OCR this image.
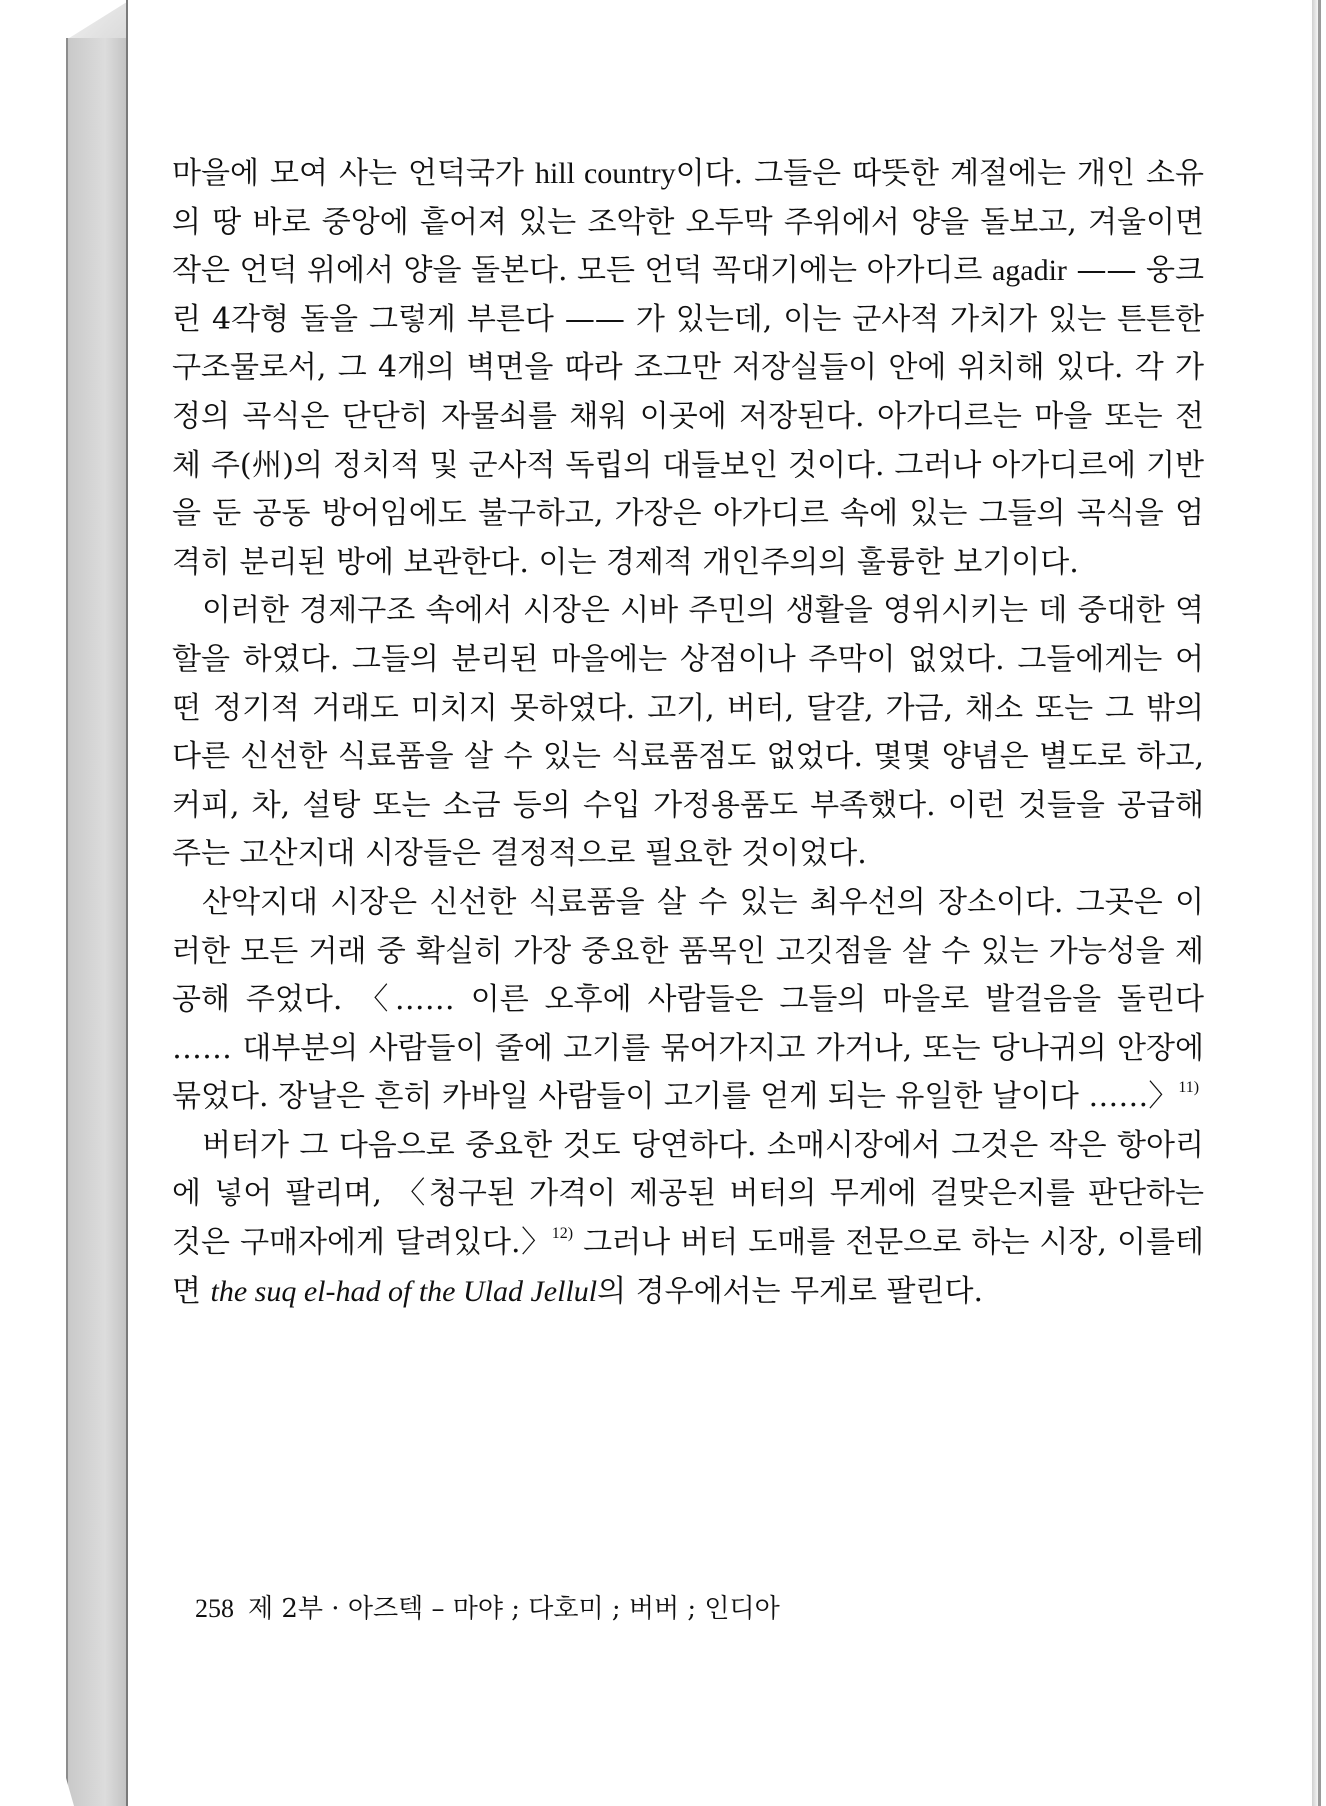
마을에 모여 사는 언덕국가 hill country이다. 그들은 따뜻한 계절에는 개인 소유의 땅 바로 중앙에 흩어져 있는 조악한 오두막 주위에서 양을 돌보고, 겨울이면 작은 언덕 위에서 양을 돌본다. 모든 언덕 꼭대기에는 아가디르 agadir —— 웅크린 4각형 돌을 그렇게 부른다 —— 가 있는데, 이는 군사적 가치가 있는 튼튼한 구조물로서, 그 4개의 벽면을 따라 조그만 저장실들이 안에 위치해 있다. 각 가정의 곡식은 단단히 자물쇠를 채워 이곳에 저장된다. 아가디르는 마을 또는 전체 주(州)의 정치적 및 군사적 독립의 대들보인 것이다. 그러나 아가디르에 기반을 둔 공동 방어임에도 불구하고, 가장은 아가디르 속에 있는 그들의 곡식을 엄격히 분리된 방에 보관한다. 이는 경제적 개인주의의 훌륭한 보기이다.

이러한 경제구조 속에서 시장은 시바 주민의 생활을 영위시키는 데 중대한 역할을 하였다. 그들의 분리된 마을에는 상점이나 주막이 없었다. 그들에게는 어떤 정기적 거래도 미치지 못하였다. 고기, 버터, 달걀, 가금, 채소 또는 그 밖의 다른 신선한 식료품을 살 수 있는 식료품점도 없었다. 몇몇 양념은 별도로 하고, 커피, 차, 설탕 또는 소금 등의 수입 가정용품도 부족했다. 이런 것들을 공급해 주는 고산지대 시장들은 결정적으로 필요한 것이었다.

산악지대 시장은 신선한 식료품을 살 수 있는 최우선의 장소이다. 그곳은 이러한 모든 거래 중 확실히 가장 중요한 품목인 고깃점을 살 수 있는 가능성을 제공해 주었다. 〈…… 이른 오후에 사람들은 그들의 마을로 발걸음을 돌린다 …… 대부분의 사람들이 줄에 고기를 묶어가지고 가거나, 또는 당나귀의 안장에 묶었다. 장날은 흔히 카바일 사람들이 고기를 얻게 되는 유일한 날이다 ……〉$^{11)}$

버터가 그 다음으로 중요한 것도 당연하다. 소매시장에서 그것은 작은 항아리에 넣어 팔리며, 〈청구된 가격이 제공된 버터의 무게에 걸맞은지를 판단하는 것은 구매자에게 달려있다.〉$^{12)}$ 그러나 버터 도매를 전문으로 하는 시장, 이를테면 the suq el-had of the Ulad Jellul의 경우에서는 무게로 팔린다.

258 제 2부 · 아즈텍 – 마야 ; 다호미 ; 버버 ; 인디아
